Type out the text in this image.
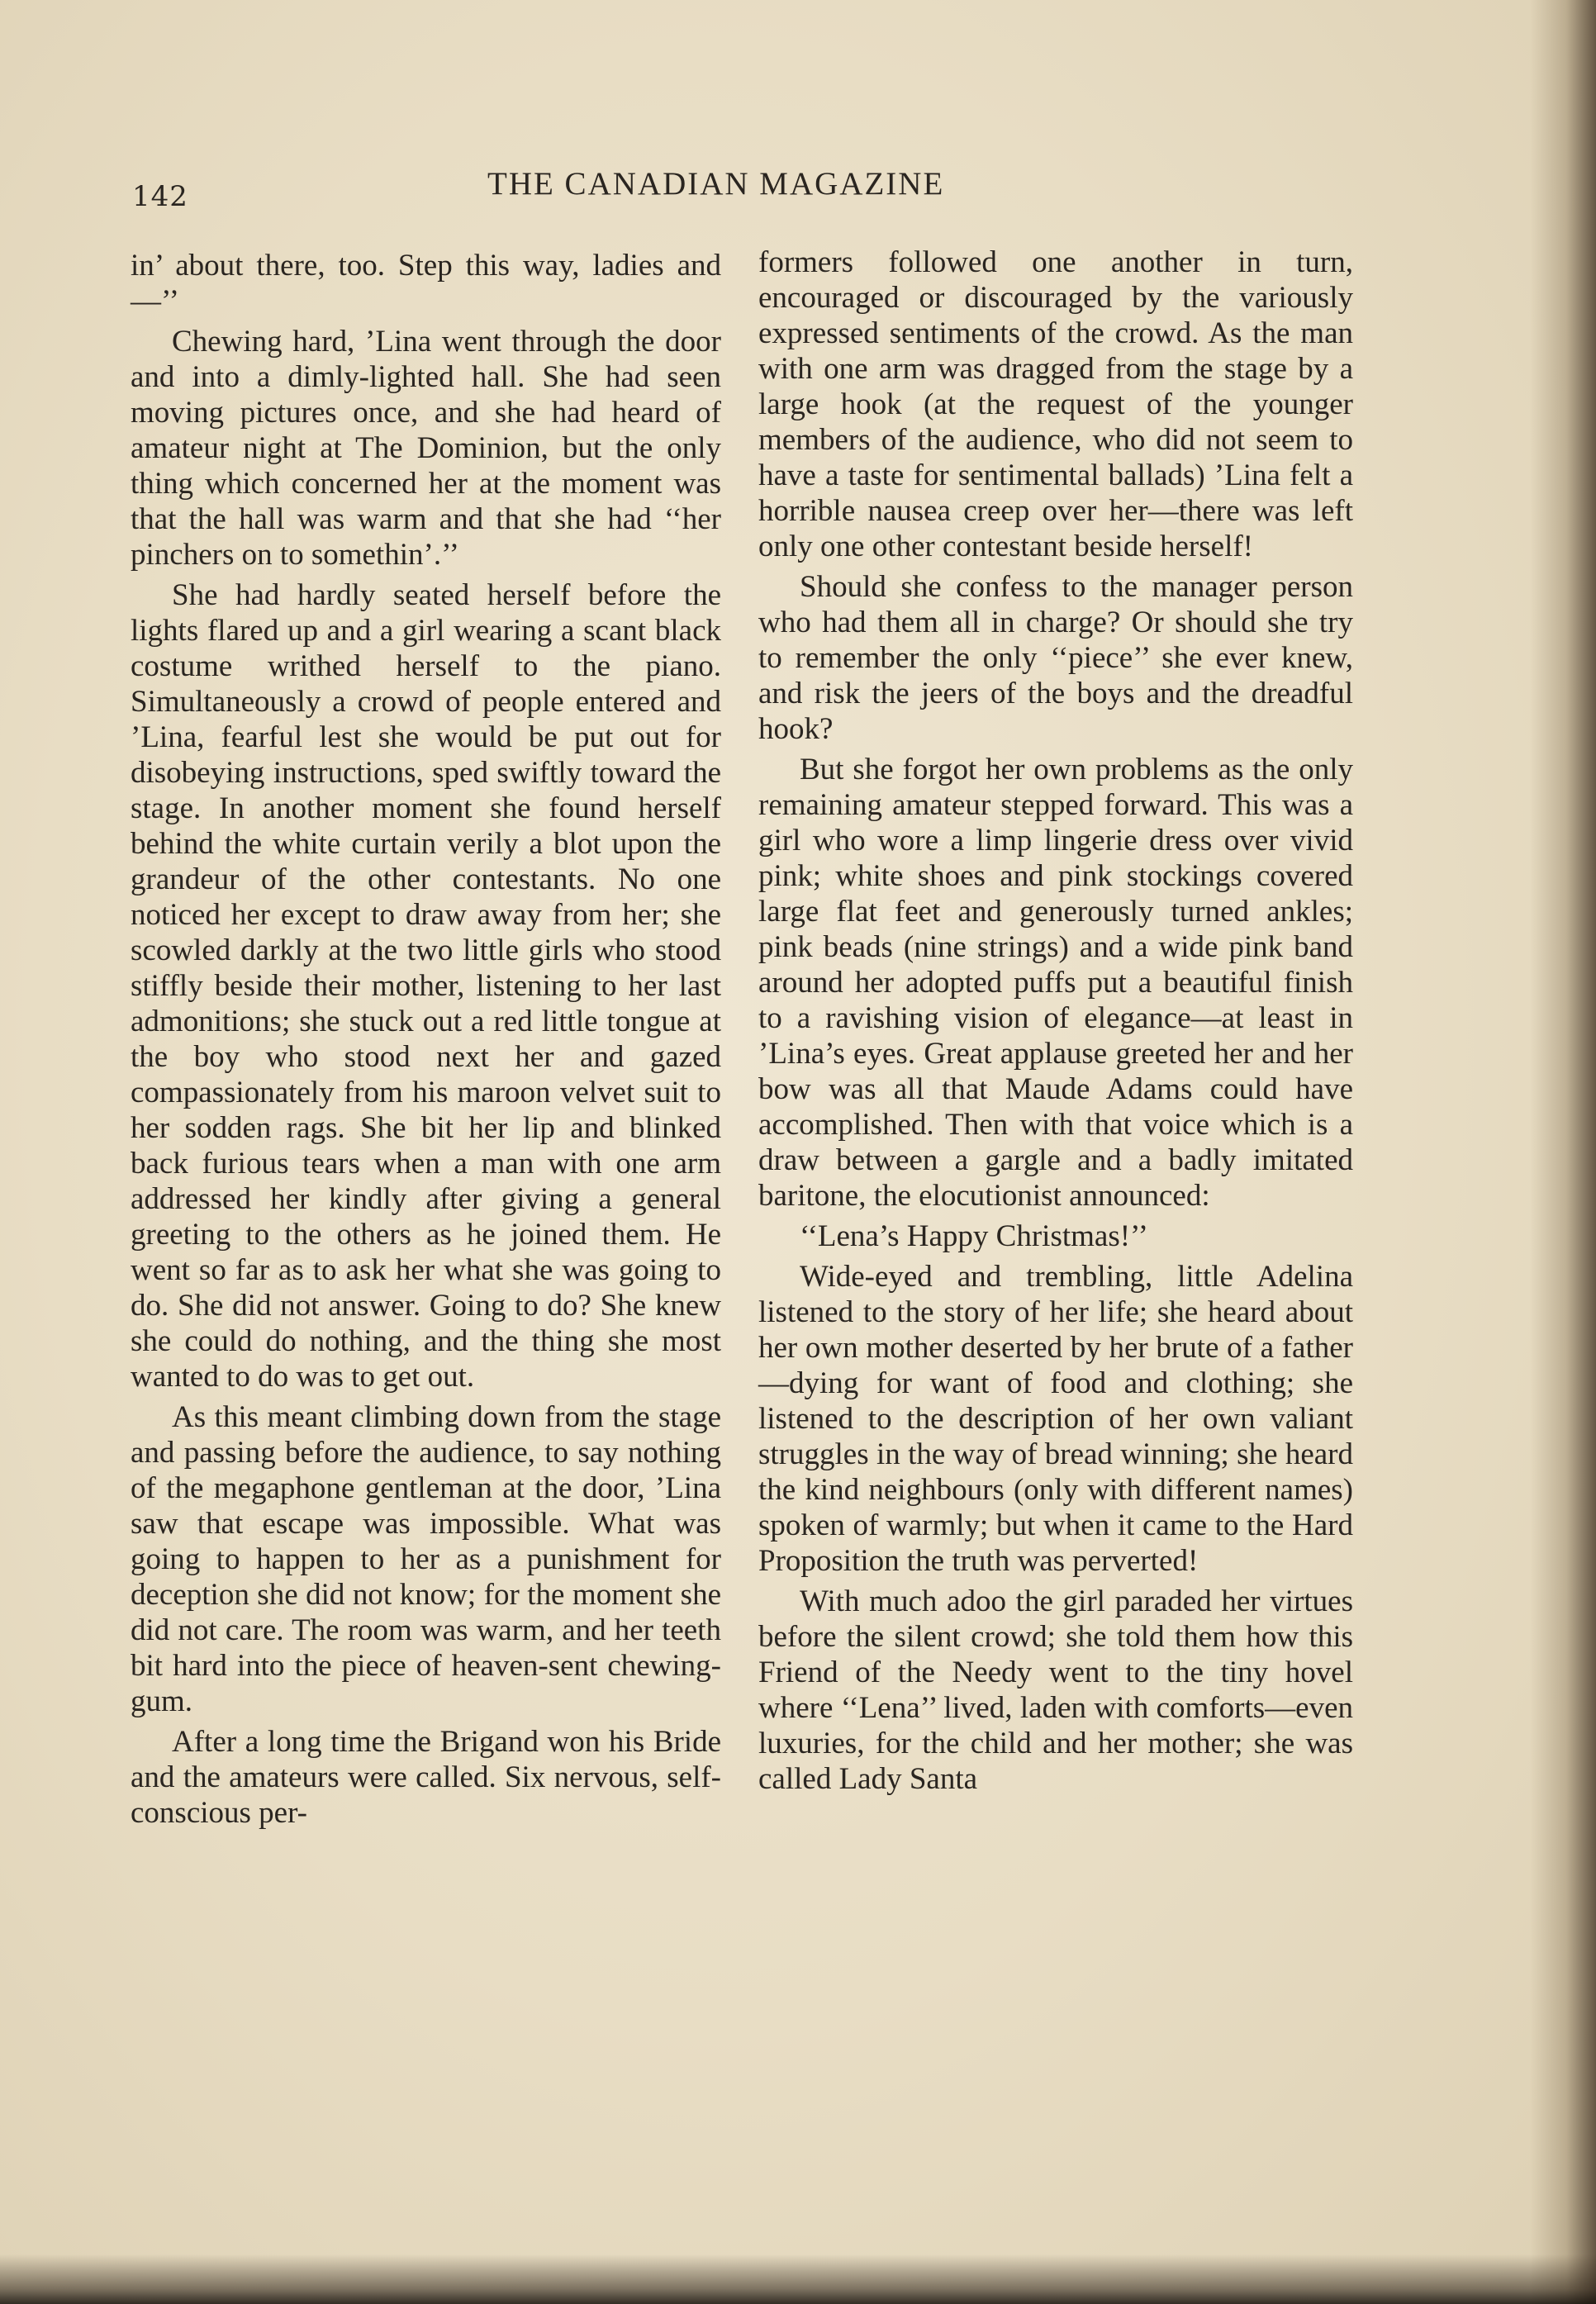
142	THE CANADIAN MAGAZINE

in’ about there, too. Step this way, ladies and—’’

Chewing hard, ’Lina went through the door and into a dimly-lighted hall. She had seen moving pictures once, and she had heard of amateur night at The Dominion, but the only thing which concerned her at the moment was that the hall was warm and that she had ‘‘her pinchers on to somethin’.’’

She had hardly seated herself before the lights flared up and a girl wearing a scant black costume writhed herself to the piano. Simultaneously a crowd of people entered and ’Lina, fearful lest she would be put out for disobeying instructions, sped swiftly toward the stage. In another moment she found herself behind the white curtain verily a blot upon the grandeur of the other contestants. No one noticed her except to draw away from her; she scowled darkly at the two little girls who stood stiffly beside their mother, listening to her last admonitions; she stuck out a red little tongue at the boy who stood next her and gazed compassionately from his maroon velvet suit to her sodden rags. She bit her lip and blinked back furious tears when a man with one arm addressed her kindly after giving a general greeting to the others as he joined them. He went so far as to ask her what she was going to do. She did not answer. Going to do? She knew she could do nothing, and the thing she most wanted to do was to get out.

As this meant climbing down from the stage and passing before the audience, to say nothing of the megaphone gentleman at the door, ’Lina saw that escape was impossible. What was going to happen to her as a punishment for deception she did not know; for the moment she did not care. The room was warm, and her teeth bit hard into the piece of heaven-sent chewing-gum.

After a long time the Brigand won his Bride and the amateurs were called. Six nervous, self-conscious per-

formers followed one another in turn, encouraged or discouraged by the variously expressed sentiments of the crowd. As the man with one arm was dragged from the stage by a large hook (at the request of the younger members of the audience, who did not seem to have a taste for sentimental ballads) ’Lina felt a horrible nausea creep over her—there was left only one other contestant beside herself!

Should she confess to the manager person who had them all in charge? Or should she try to remember the only ‘‘piece’’ she ever knew, and risk the jeers of the boys and the dreadful hook?

But she forgot her own problems as the only remaining amateur stepped forward. This was a girl who wore a limp lingerie dress over vivid pink; white shoes and pink stockings covered large flat feet and generously turned ankles; pink beads (nine strings) and a wide pink band around her adopted puffs put a beautiful finish to a ravishing vision of elegance—at least in ’Lina’s eyes. Great applause greeted her and her bow was all that Maude Adams could have accomplished. Then with that voice which is a draw between a gargle and a badly imitated baritone, the elocutionist announced:

‘‘Lena’s Happy Christmas!’’

Wide-eyed and trembling, little Adelina listened to the story of her life; she heard about her own mother deserted by her brute of a father —dying for want of food and clothing; she listened to the description of her own valiant struggles in the way of bread winning; she heard the kind neighbours (only with different names) spoken of warmly; but when it came to the Hard Proposition the truth was perverted!

With much adoo the girl paraded her virtues before the silent crowd; she told them how this Friend of the Needy went to the tiny hovel where ‘‘Lena’’ lived, laden with comforts—even luxuries, for the child and her mother; she was called Lady Santa
